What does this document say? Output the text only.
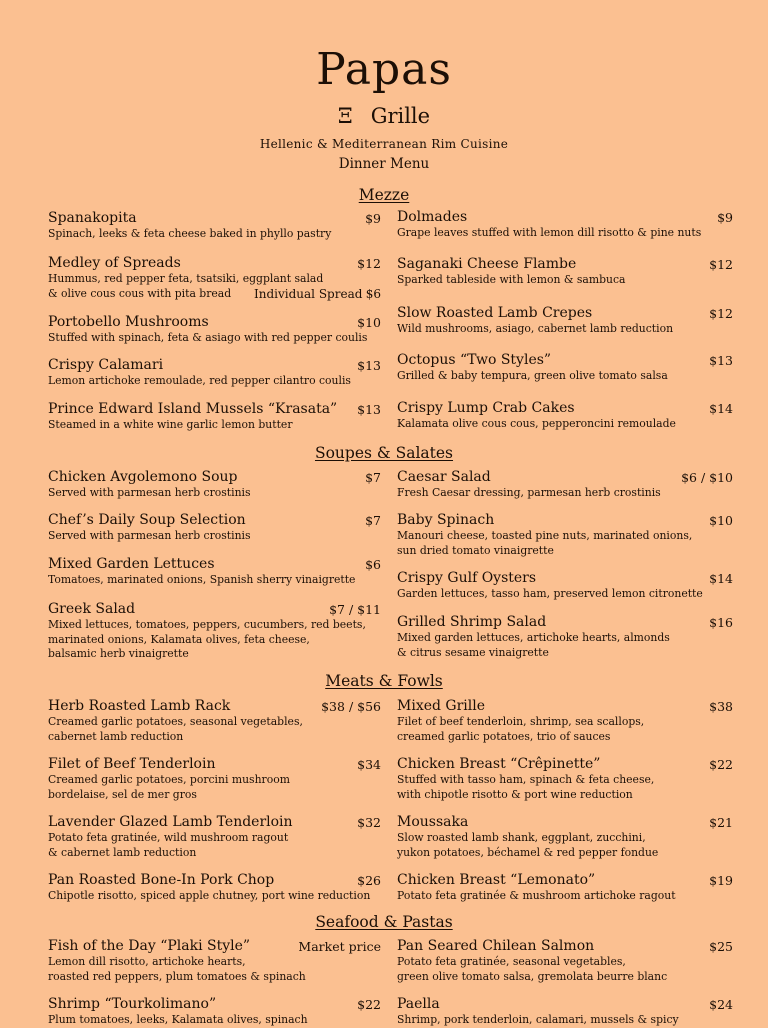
Papas
Ξ Grille
Hellenic & Mediterranean Rim Cuisine
Dinner Menu
Mezze
Spanakopita	$9
Spinach, leeks & feta cheese baked in phyllo pastry
Medley of Spreads	$12
Hummus, red pepper feta, tsatsiki, eggplant salad
& olive cous cous with pita bread Individual Spread $6
Portobello Mushrooms	$10
Stuffed with spinach, feta & asiago with red pepper coulis
Crispy Calamari	$13
Lemon artichoke remoulade, red pepper cilantro coulis
Prince Edward Island Mussels “Krasata” $13
Steamed in a white wine garlic lemon butter
Dolmades	$9
Grape leaves stuffed with lemon dill risotto & pine nuts
Saganaki Cheese Flambe	$12
Sparked tableside with lemon & sambuca
Slow Roasted Lamb Crepes	$12
Wild mushrooms, asiago, cabernet lamb reduction
Octopus “Two Styles”	$13
Grilled & baby tempura, green olive tomato salsa
Crispy Lump Crab Cakes	$14
Kalamata olive cous cous, pepperoncini remoulade
Soupes & Salates
Chicken Avgolemono Soup	$7
Served with parmesan herb crostinis
Chef’s Daily Soup Selection	$7
Served with parmesan herb crostinis
Mixed Garden Lettuces	$6
Tomatoes, marinated onions, Spanish sherry vinaigrette
Greek Salad	$7 / $11
Mixed lettuces, tomatoes, peppers, cucumbers, red beets,
marinated onions, Kalamata olives, feta cheese,
balsamic herb vinaigrette
Caesar Salad	$6 / $10
Fresh Caesar dressing, parmesan herb crostinis
Baby Spinach	$10
Manouri cheese, toasted pine nuts, marinated onions,
sun dried tomato vinaigrette
Crispy Gulf Oysters	$14
Garden lettuces, tasso ham, preserved lemon citronette
Grilled Shrimp Salad	$16
Mixed garden lettuces, artichoke hearts, almonds
& citrus sesame vinaigrette
Meats & Fowls
Herb Roasted Lamb Rack	$38 / $56
Creamed garlic potatoes, seasonal vegetables,
cabernet lamb reduction
Filet of Beef Tenderloin	$34
Creamed garlic potatoes, porcini mushroom
bordelaise, sel de mer gros
Lavender Glazed Lamb Tenderloin	$32
Potato feta gratinée, wild mushroom ragout
& cabernet lamb reduction
Pan Roasted Bone-In Pork Chop	$26
Chipotle risotto, spiced apple chutney, port wine reduction
Mixed Grille	$38
Filet of beef tenderloin, shrimp, sea scallops,
creamed garlic potatoes, trio of sauces
Chicken Breast “Crêpinette”	$22
Stuffed with tasso ham, spinach & feta cheese,
with chipotle risotto & port wine reduction
Moussaka	$21
Slow roasted lamb shank, eggplant, zucchini,
yukon potatoes, béchamel & red pepper fondue
Chicken Breast “Lemonato”	$19
Potato feta gratinée & mushroom artichoke ragout
Seafood & Pastas
Fish of the Day “Plaki Style”	Market price
Lemon dill risotto, artichoke hearts,
roasted red peppers, plum tomatoes & spinach
Shrimp “Tourkolimano”	$22
Plum tomatoes, leeks, Kalamata olives, spinach
Pan Seared Chilean Salmon	$25
Potato feta gratinée, seasonal vegetables,
green olive tomato salsa, gremolata beurre blanc
Paella	$24
Shrimp, pork tenderloin, calamari, mussels & spicy
